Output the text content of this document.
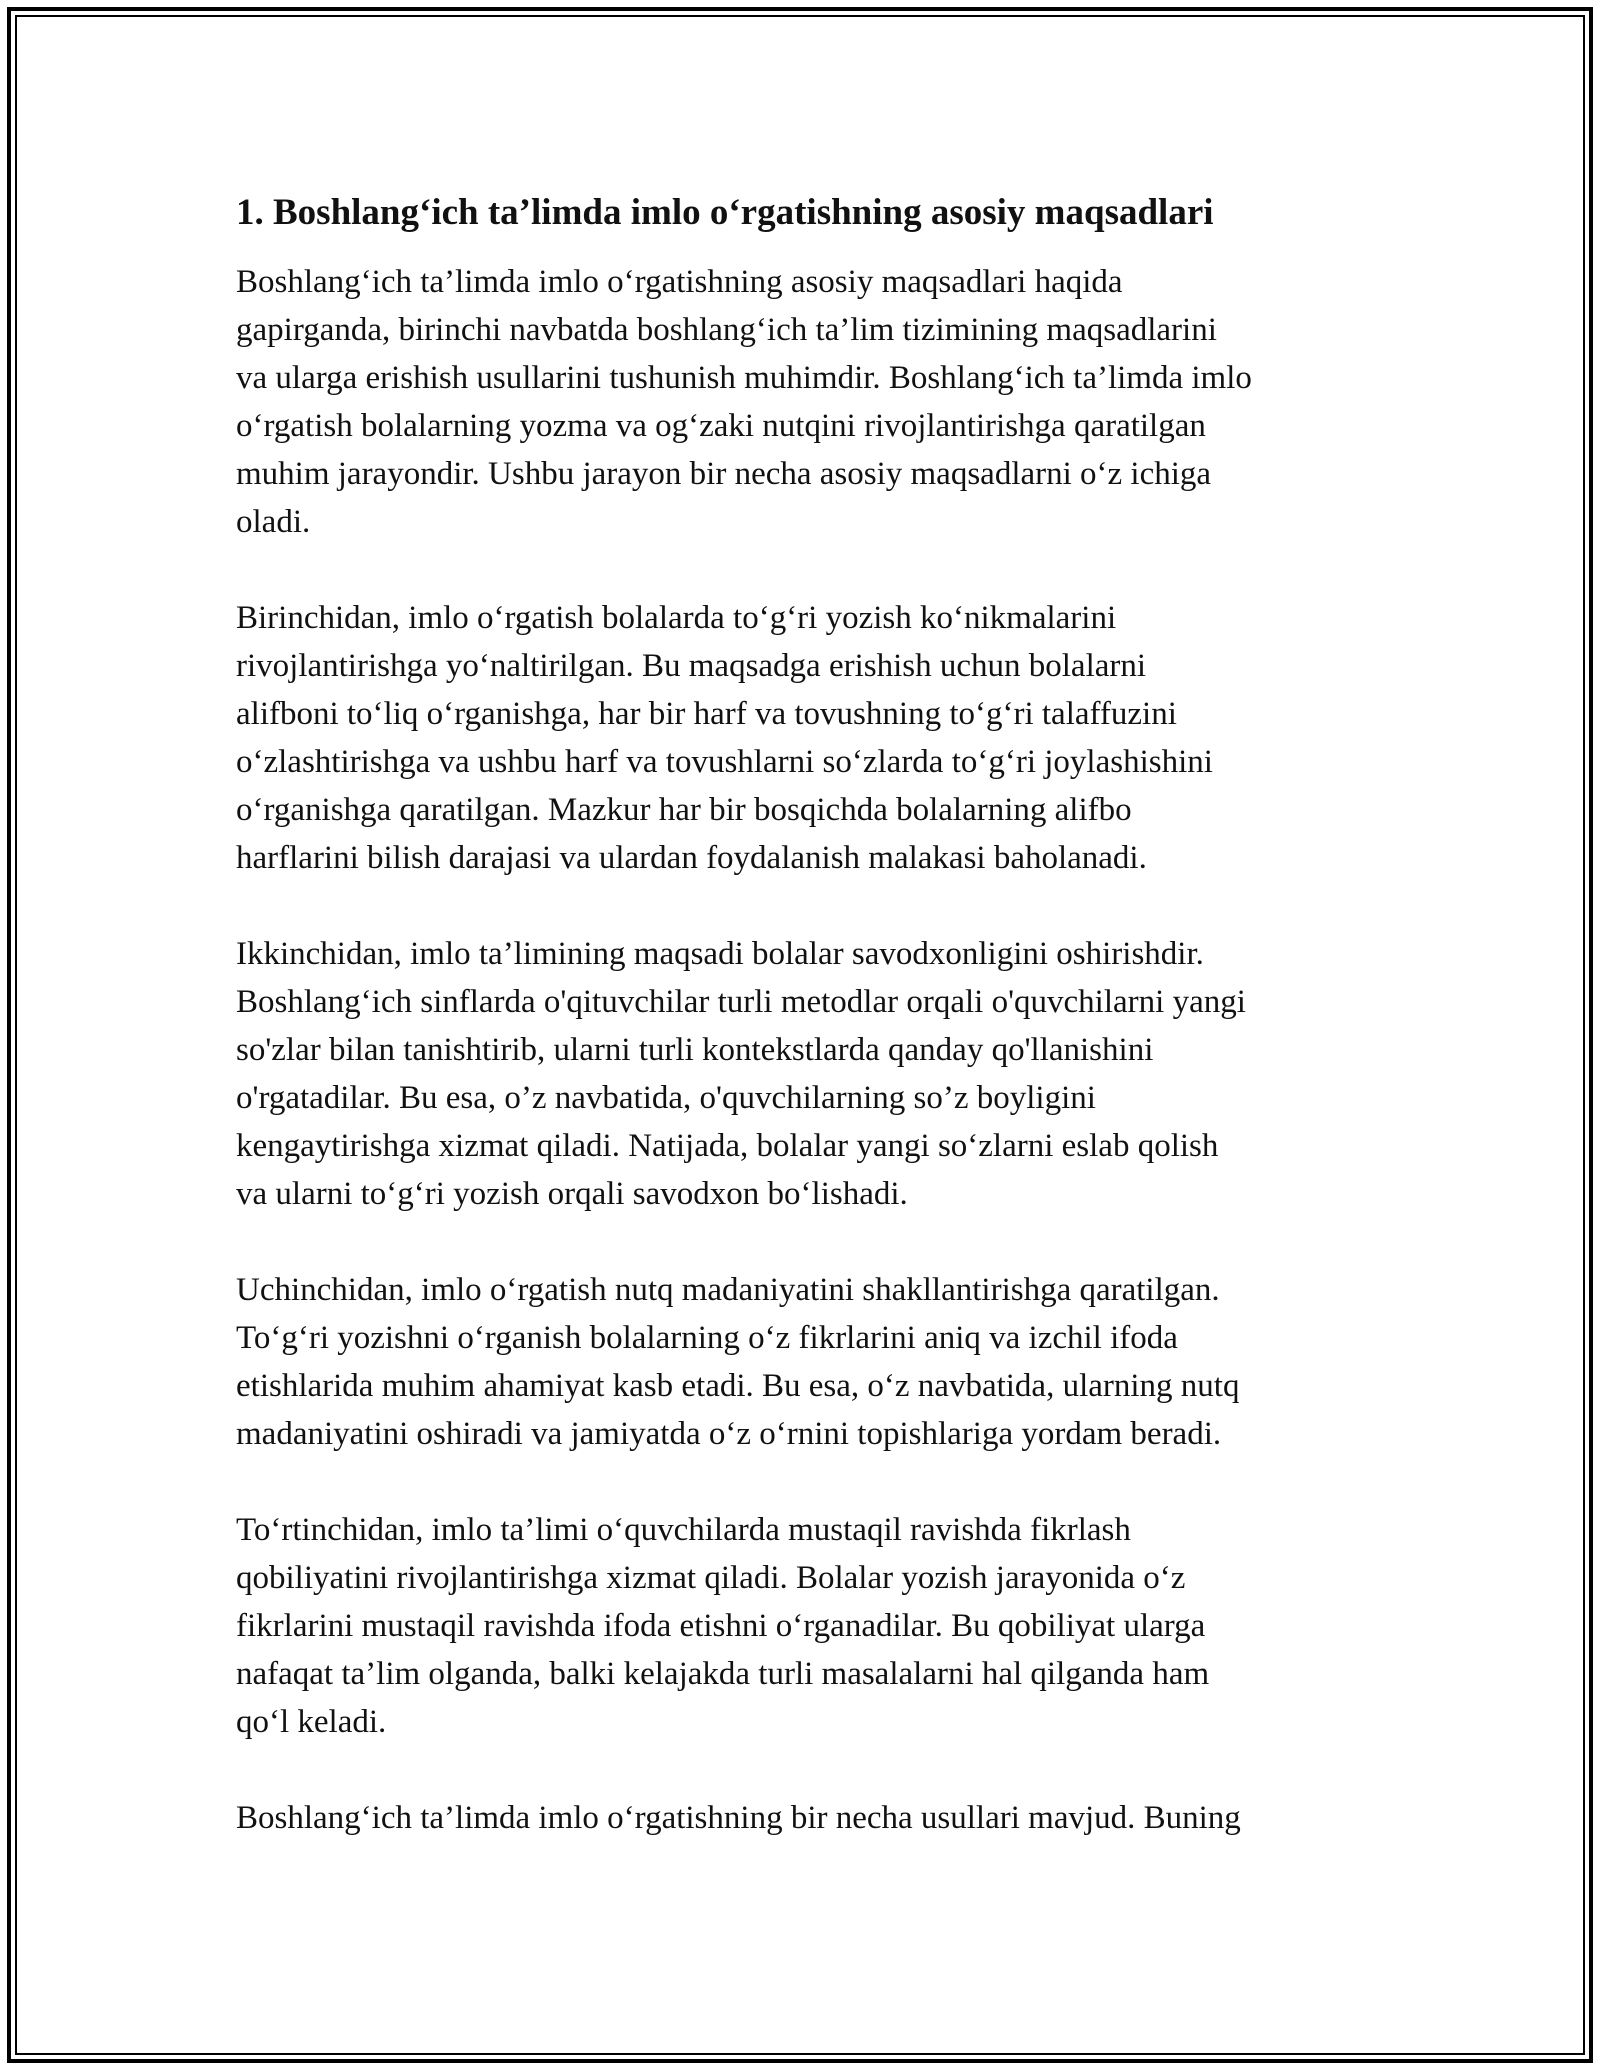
1. Boshlang‘ich ta’limda imlo o‘rgatishning asosiy maqsadlari

Boshlang‘ich ta’limda imlo o‘rgatishning asosiy maqsadlari haqida
gapirganda, birinchi navbatda boshlang‘ich ta’lim tizimining maqsadlarini
va ularga erishish usullarini tushunish muhimdir. Boshlang‘ich ta’limda imlo
o‘rgatish bolalarning yozma va og‘zaki nutqini rivojlantirishga qaratilgan
muhim jarayondir. Ushbu jarayon bir necha asosiy maqsadlarni o‘z ichiga
oladi.

Birinchidan, imlo o‘rgatish bolalarda to‘g‘ri yozish ko‘nikmalarini
rivojlantirishga yo‘naltirilgan. Bu maqsadga erishish uchun bolalarni
alifboni to‘liq o‘rganishga, har bir harf va tovushning to‘g‘ri talaffuzini
o‘zlashtirishga va ushbu harf va tovushlarni so‘zlarda to‘g‘ri joylashishini
o‘rganishga qaratilgan. Mazkur har bir bosqichda bolalarning alifbo
harflarini bilish darajasi va ulardan foydalanish malakasi baholanadi.

Ikkinchidan, imlo ta’limining maqsadi bolalar savodxonligini oshirishdir.
Boshlang‘ich sinflarda o'qituvchilar turli metodlar orqali o'quvchilarni yangi
so'zlar bilan tanishtirib, ularni turli kontekstlarda qanday qo'llanishini
o'rgatadilar. Bu esa, o’z navbatida, o'quvchilarning so’z boyligini
kengaytirishga xizmat qiladi. Natijada, bolalar yangi so‘zlarni eslab qolish
va ularni to‘g‘ri yozish orqali savodxon bo‘lishadi.

Uchinchidan, imlo o‘rgatish nutq madaniyatini shakllantirishga qaratilgan.
To‘g‘ri yozishni o‘rganish bolalarning o‘z fikrlarini aniq va izchil ifoda
etishlarida muhim ahamiyat kasb etadi. Bu esa, o‘z navbatida, ularning nutq
madaniyatini oshiradi va jamiyatda o‘z o‘rnini topishlariga yordam beradi.

To‘rtinchidan, imlo ta’limi o‘quvchilarda mustaqil ravishda fikrlash
qobiliyatini rivojlantirishga xizmat qiladi. Bolalar yozish jarayonida o‘z
fikrlarini mustaqil ravishda ifoda etishni o‘rganadilar. Bu qobiliyat ularga
nafaqat ta’lim olganda, balki kelajakda turli masalalarni hal qilganda ham
qo‘l keladi.

Boshlang‘ich ta’limda imlo o‘rgatishning bir necha usullari mavjud. Buning
